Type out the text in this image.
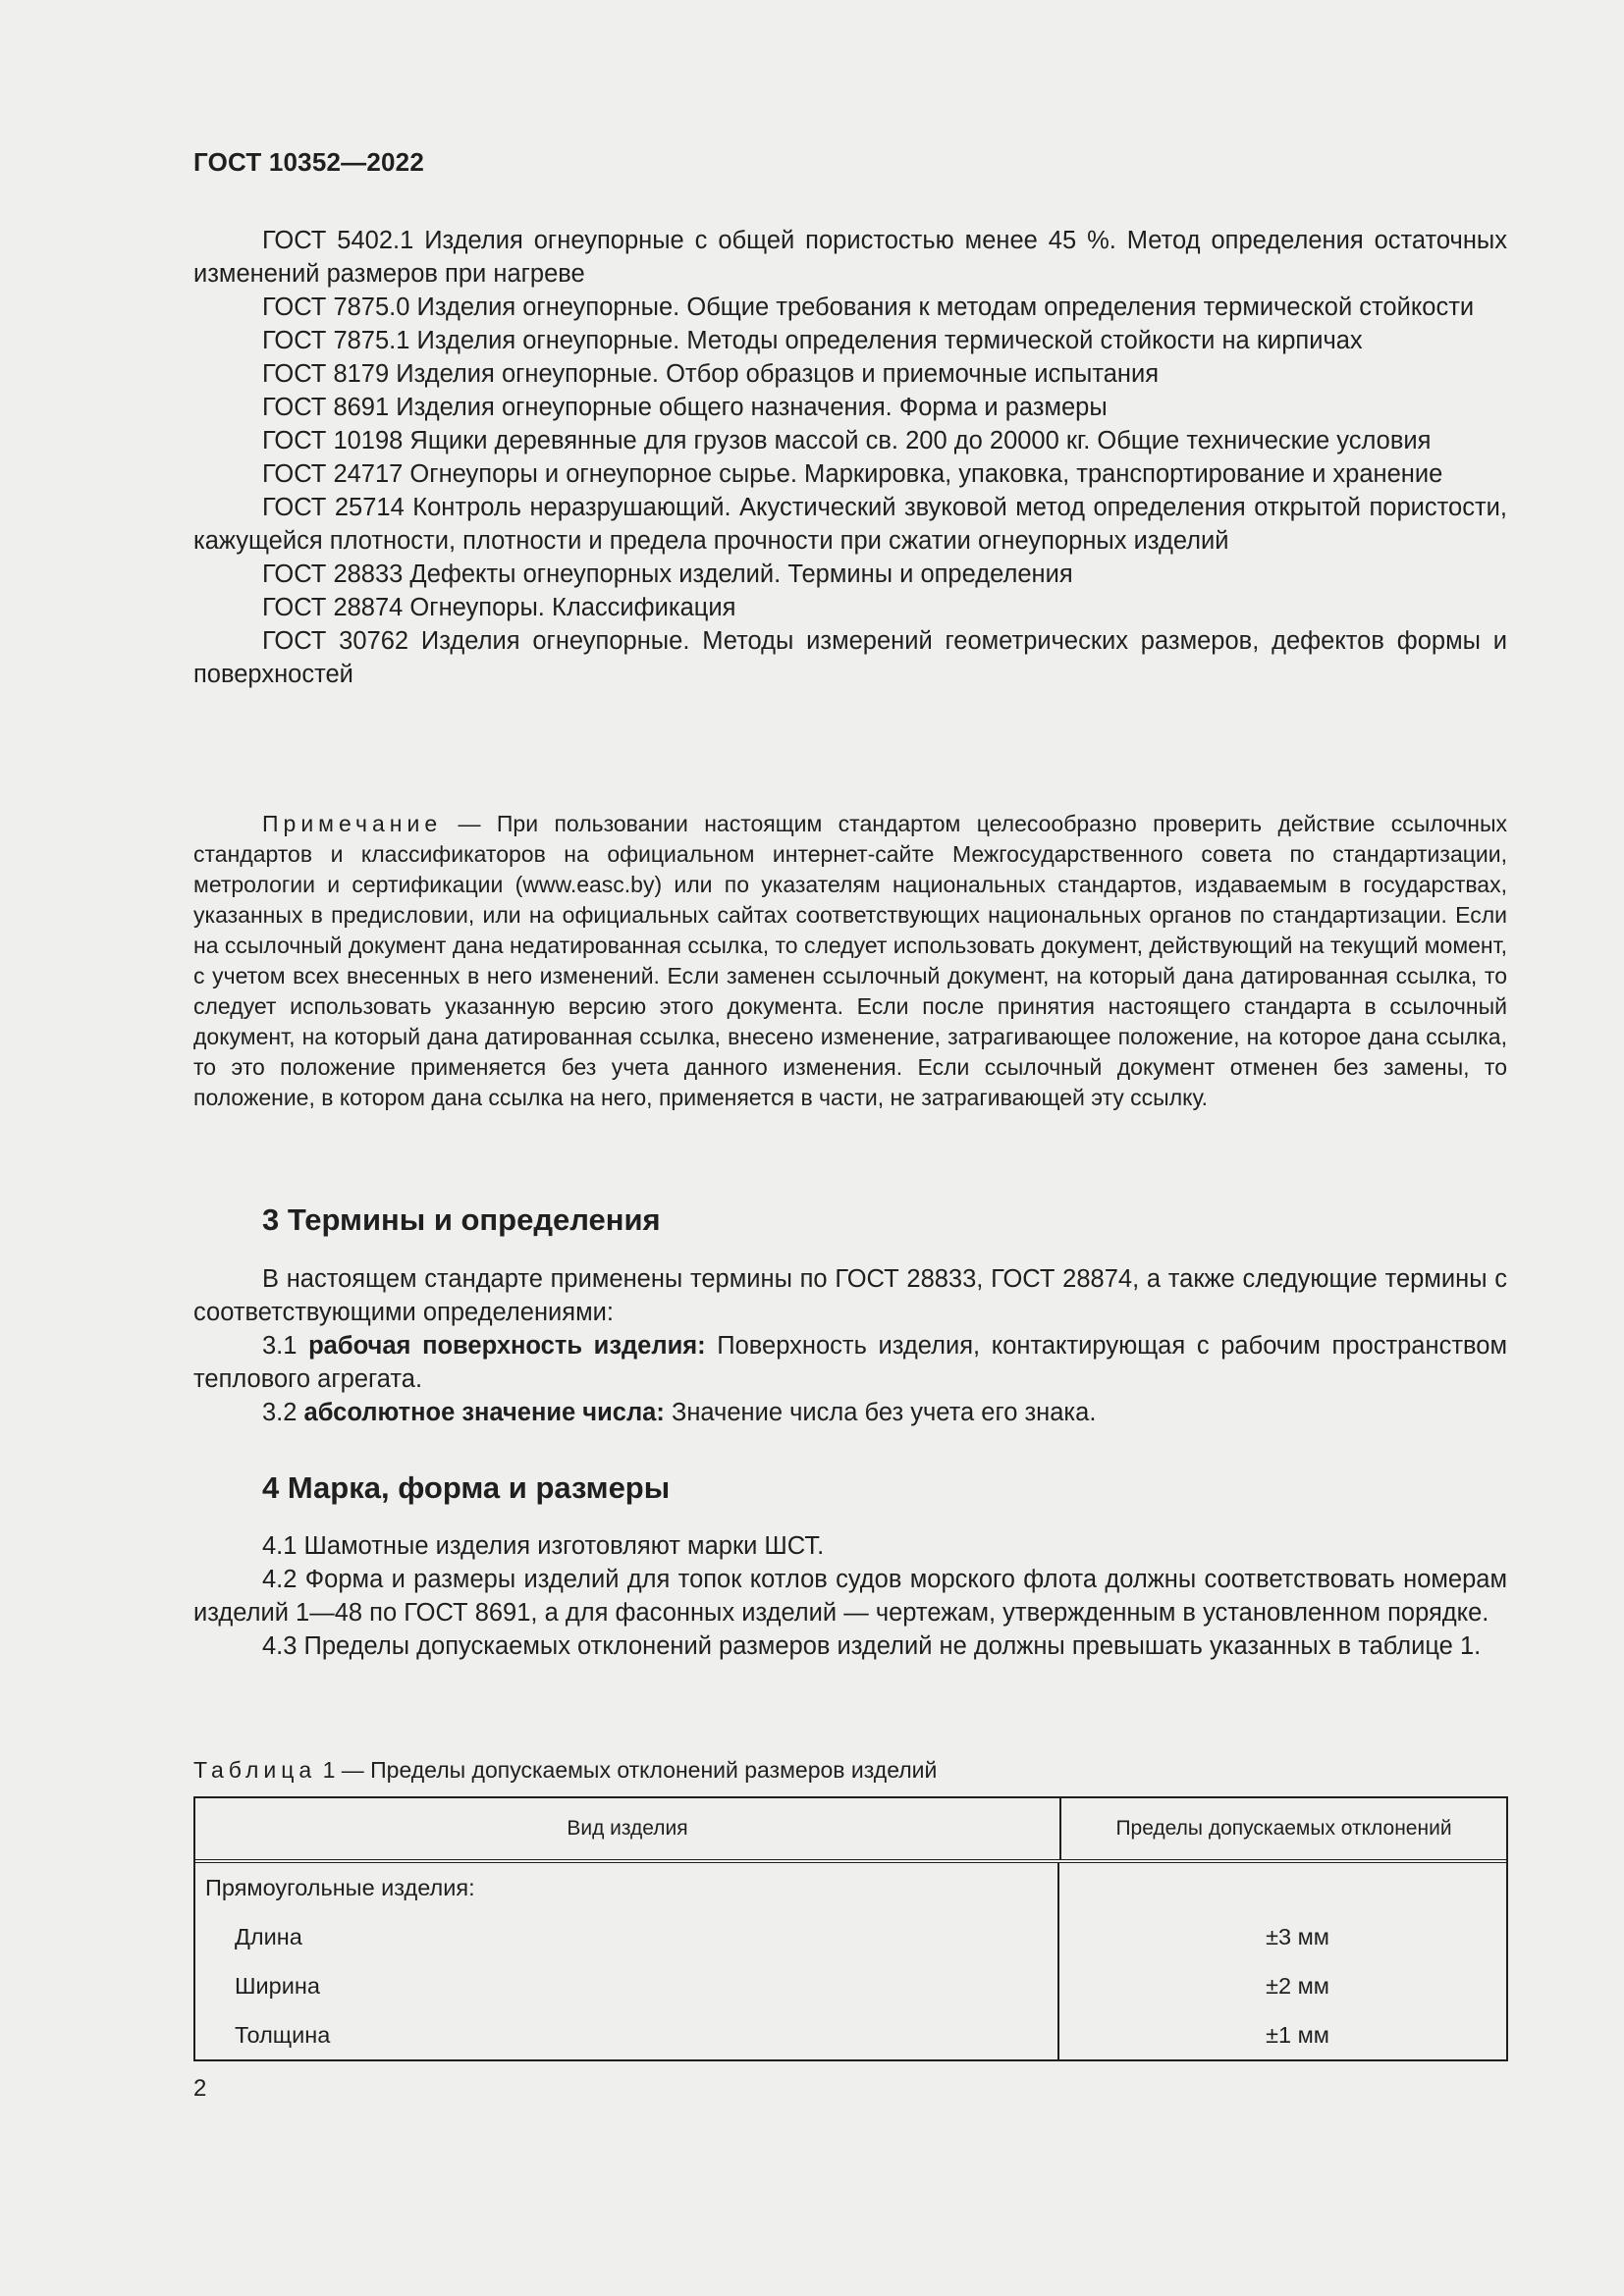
ГОСТ 10352—2022

ГОСТ 5402.1 Изделия огнеупорные с общей пористостью менее 45 %. Метод определения остаточных изменений размеров при нагреве

ГОСТ 7875.0 Изделия огнеупорные. Общие требования к методам определения термической стойкости

ГОСТ 7875.1 Изделия огнеупорные. Методы определения термической стойкости на кирпичах

ГОСТ 8179 Изделия огнеупорные. Отбор образцов и приемочные испытания

ГОСТ 8691 Изделия огнеупорные общего назначения. Форма и размеры

ГОСТ 10198 Ящики деревянные для грузов массой св. 200 до 20000 кг. Общие технические условия

ГОСТ 24717 Огнеупоры и огнеупорное сырье. Маркировка, упаковка, транспортирование и хранение

ГОСТ 25714 Контроль неразрушающий. Акустический звуковой метод определения открытой пористости, кажущейся плотности, плотности и предела прочности при сжатии огнеупорных изделий

ГОСТ 28833 Дефекты огнеупорных изделий. Термины и определения

ГОСТ 28874 Огнеупоры. Классификация

ГОСТ 30762 Изделия огнеупорные. Методы измерений геометрических размеров, дефектов формы и поверхностей

Примечание — При пользовании настоящим стандартом целесообразно проверить действие ссылочных стандартов и классификаторов на официальном интернет-сайте Межгосударственного совета по стандартизации, метрологии и сертификации (www.easc.by) или по указателям национальных стандартов, издаваемым в государствах, указанных в предисловии, или на официальных сайтах соответствующих национальных органов по стандартизации. Если на ссылочный документ дана недатированная ссылка, то следует использовать документ, действующий на текущий момент, с учетом всех внесенных в него изменений. Если заменен ссылочный документ, на который дана датированная ссылка, то следует использовать указанную версию этого документа. Если после принятия настоящего стандарта в ссылочный документ, на который дана датированная ссылка, внесено изменение, затрагивающее положение, на которое дана ссылка, то это положение применяется без учета данного изменения. Если ссылочный документ отменен без замены, то положение, в котором дана ссылка на него, применяется в части, не затрагивающей эту ссылку.

3 Термины и определения

В настоящем стандарте применены термины по ГОСТ 28833, ГОСТ 28874, а также следующие термины с соответствующими определениями:

3.1 рабочая поверхность изделия: Поверхность изделия, контактирующая с рабочим пространством теплового агрегата.

3.2 абсолютное значение числа: Значение числа без учета его знака.

4 Марка, форма и размеры

4.1 Шамотные изделия изготовляют марки ШСТ.

4.2 Форма и размеры изделий для топок котлов судов морского флота должны соответствовать номерам изделий 1—48 по ГОСТ 8691, а для фасонных изделий — чертежам, утвержденным в установленном порядке.

4.3 Пределы допускаемых отклонений размеров изделий не должны превышать указанных в таблице 1.

Таблица 1 — Пределы допускаемых отклонений размеров изделий
Вид изделия	Пределы допускаемых отклонений
Прямоугольные изделия:
Длина	±3 мм
Ширина	±2 мм
Толщина	±1 мм
2
